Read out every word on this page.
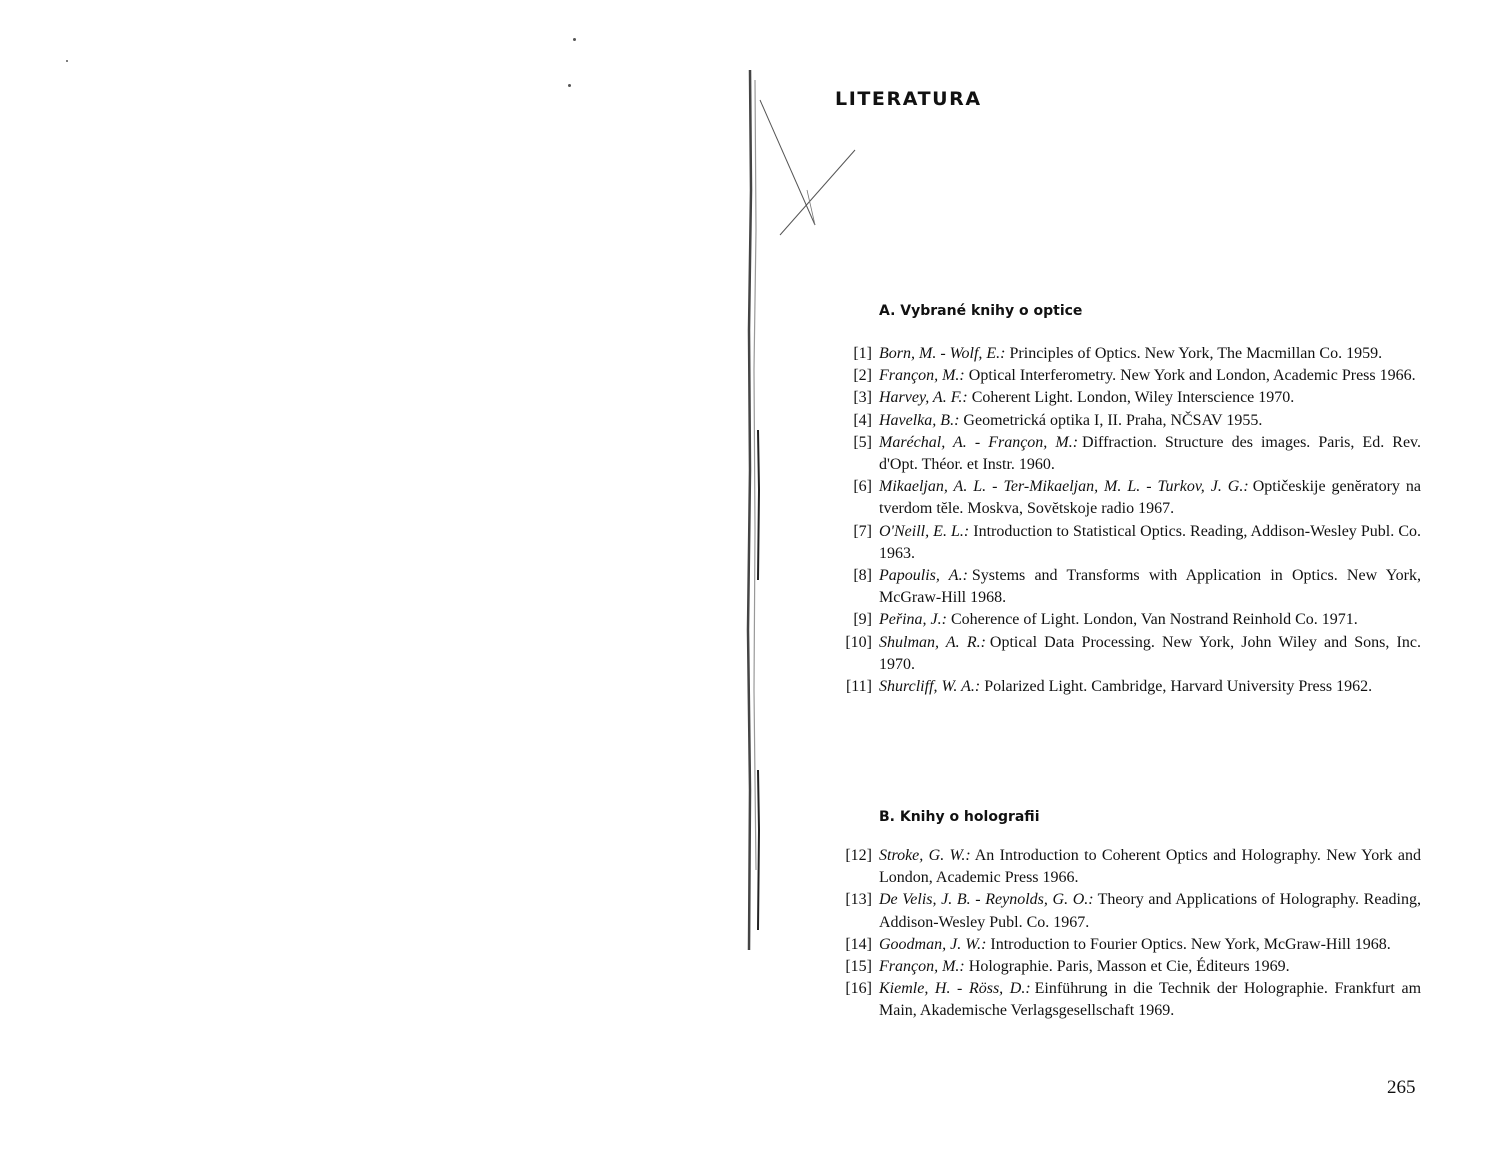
LITERATURA
A. Vybrané knihy o optice
[1] Born, M. - Wolf, E.: Principles of Optics. New York, The Macmillan Co. 1959.
[2] Françon, M.: Optical Interferometry. New York and London, Academic Press 1966.
[3] Harvey, A. F.: Coherent Light. London, Wiley Interscience 1970.
[4] Havelka, B.: Geometrická optika I, II. Praha, NČSAV 1955.
[5] Maréchal, A. - Françon, M.: Diffraction. Structure des images. Paris, Ed. Rev. d'Opt. Théor. et Instr. 1960.
[6] Mikaeljan, A. L. - Ter-Mikaeljan, M. L. - Turkov, J. G.: Optičeskije genĕratory na tverdom tĕle. Moskva, Sovĕtskoje radio 1967.
[7] O'Neill, E. L.: Introduction to Statistical Optics. Reading, Addison-Wesley Publ. Co. 1963.
[8] Papoulis, A.: Systems and Transforms with Application in Optics. New York, McGraw-Hill 1968.
[9] Peřina, J.: Coherence of Light. London, Van Nostrand Reinhold Co. 1971.
[10] Shulman, A. R.: Optical Data Processing. New York, John Wiley and Sons, Inc. 1970.
[11] Shurcliff, W. A.: Polarized Light. Cambridge, Harvard University Press 1962.
B. Knihy o holografii
[12] Stroke, G. W.: An Introduction to Coherent Optics and Holography. New York and London, Academic Press 1966.
[13] De Velis, J. B. - Reynolds, G. O.: Theory and Applications of Holography. Reading, Addison-Wesley Publ. Co. 1967.
[14] Goodman, J. W.: Introduction to Fourier Optics. New York, McGraw-Hill 1968.
[15] Françon, M.: Holographie. Paris, Masson et Cie, Éditeurs 1969.
[16] Kiemle, H. - Röss, D.: Einführung in die Technik der Holographie. Frankfurt am Main, Akademische Verlagsgesellschaft 1969.
265
